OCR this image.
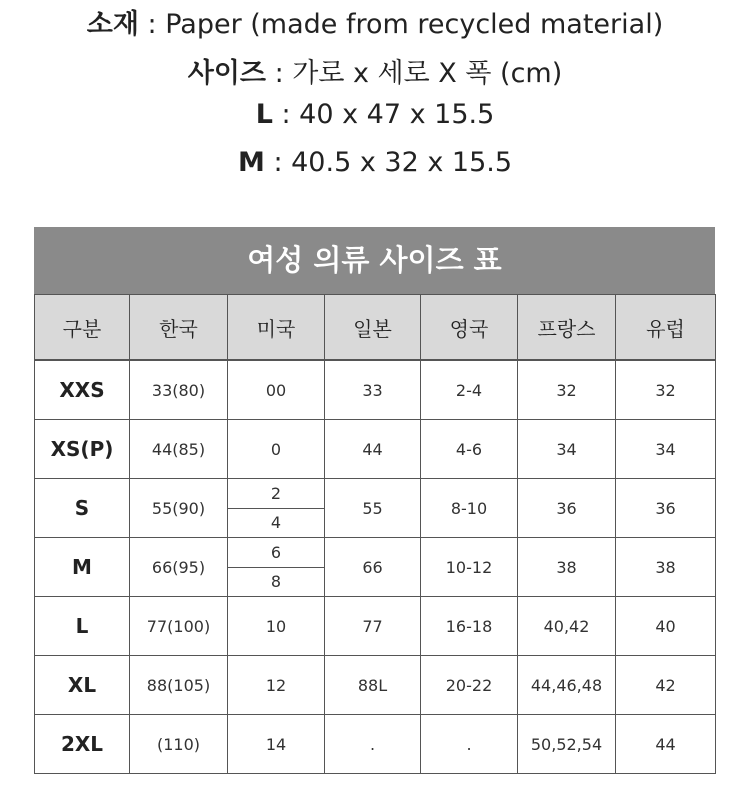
소재 : Paper (made from recycled material)
사이즈 : 가로 x 세로 X 폭 (cm)
L : 40 x 47 x 15.5
M : 40.5 x 32 x 15.5
여성 의류 사이즈 표
구분	한국	미국	일본	영국	프랑스	유럽
XXS	33(80)	00	33	2-4	32	32
XS(P)	44(85)	0	44	4-6	34	34
S	55(90)	2	55	8-10	36	36
		4				
M	66(95)	6	66	10-12	38	38
		8				
L	77(100)	10	77	16-18	40,42	40
XL	88(105)	12	88L	20-22	44,46,48	42
2XL	(110)	14	.	.	50,52,54	44
